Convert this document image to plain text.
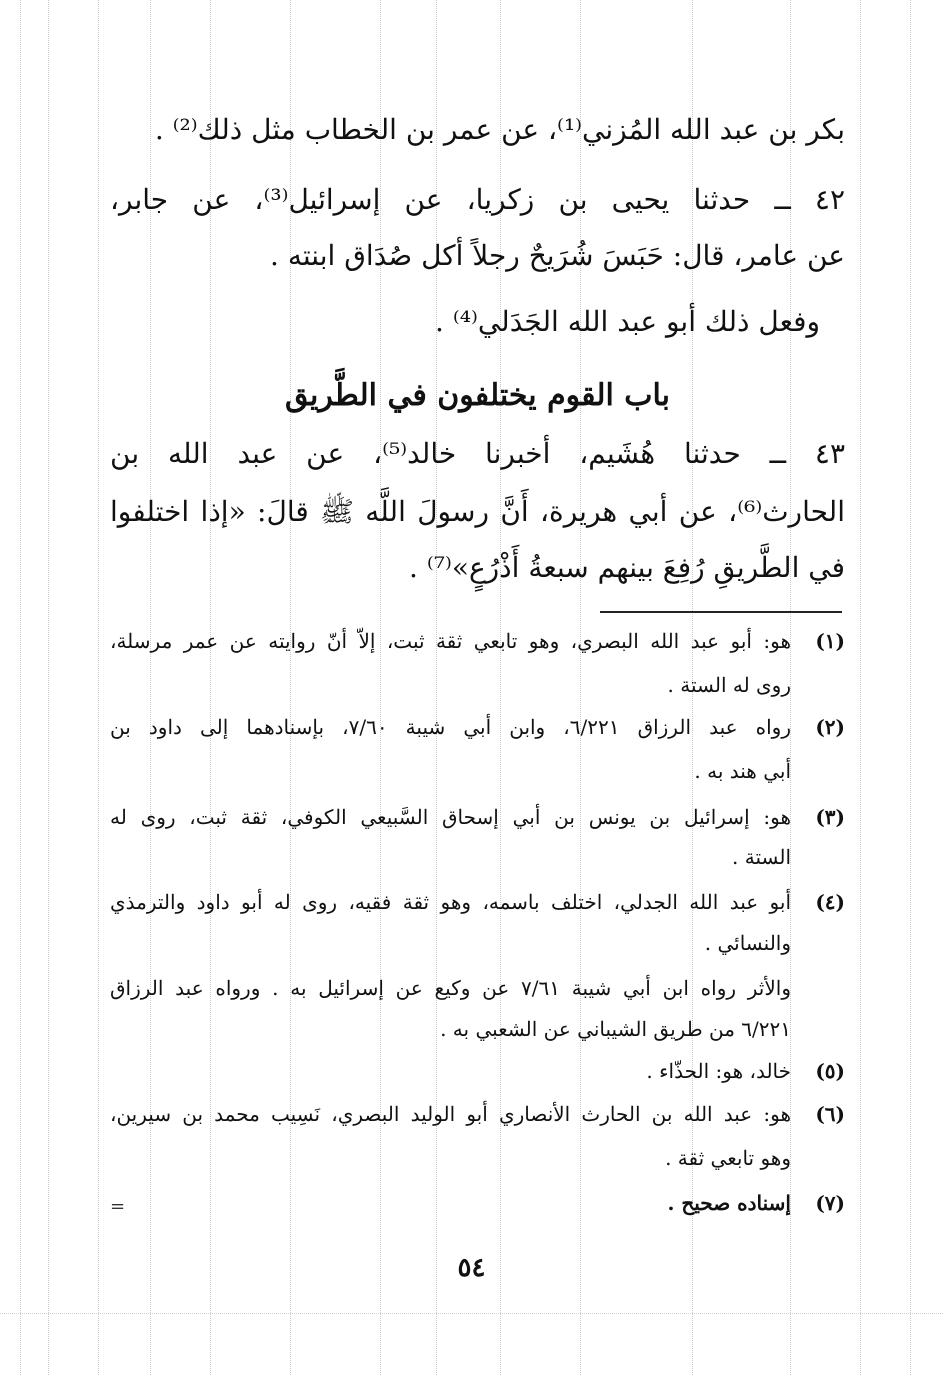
بكر بن عبد الله المُزني⁽¹⁾، عن عمر بن الخطاب مثل ذلك⁽²⁾ .
٤٢ ــ حدثنا يحيى بن زكريا، عن إسرائيل⁽³⁾، عن جابر،
عن عامر، قال: حَبَسَ شُرَيحٌ رجلاً أكل صُدَاق ابنته .
وفعل ذلك أبو عبد الله الجَدَلي⁽⁴⁾ .
باب القوم يختلفون في الطَّريق
٤٣ ــ حدثنا هُشَيم، أخبرنا خالد⁽⁵⁾، عن عبد الله بن
الحارث⁽⁶⁾، عن أبي هريرة، أَنَّ رسولَ اللَّه ﷺ قالَ: «إذا اختلفوا
في الطَّريقِ رُفِعَ بينهم سبعةُ أَذْرُعٍ»⁽⁷⁾ .
(١)
هو: أبو عبد الله البصري، وهو تابعي ثقة ثبت، إلاّ أنّ روايته عن عمر مرسلة،
روى له الستة .
(٢)
رواه عبد الرزاق ٦/٢٢١، وابن أبي شيبة ٧/٦٠، بإسنادهما إلى داود بن
أبي هند به .
(٣)
هو: إسرائيل بن يونس بن أبي إسحاق السَّبيعي الكوفي، ثقة ثبت، روى له
الستة .
(٤)
أبو عبد الله الجدلي، اختلف باسمه، وهو ثقة فقيه، روى له أبو داود والترمذي
والنسائي .
والأثر رواه ابن أبي شيبة ٧/٦١ عن وكيع عن إسرائيل به . ورواه عبد الرزاق
٦/٢٢١ من طريق الشيباني عن الشعبي به .
(٥)
خالد، هو: الحذّاء .
(٦)
هو: عبد الله بن الحارث الأنصاري أبو الوليد البصري، نَسِيب محمد بن سيرين،
وهو تابعي ثقة .
(٧)
إسناده صحيح .
=
٥٤
